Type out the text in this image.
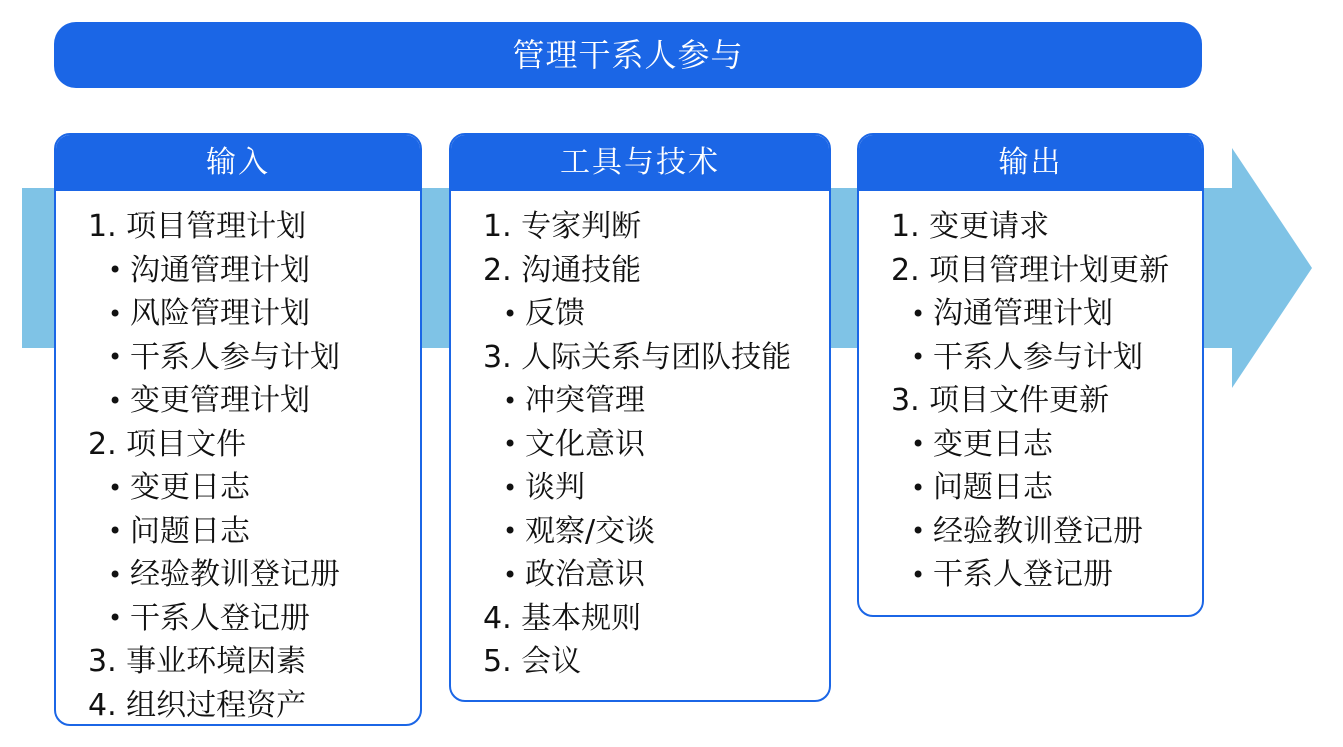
管理干系人参与
输入
1. 项目管理计划
• 沟通管理计划
• 风险管理计划
• 干系人参与计划
• 变更管理计划
2. 项目文件
• 变更日志
• 问题日志
• 经验教训登记册
• 干系人登记册
3. 事业环境因素
4. 组织过程资产
工具与技术
1. 专家判断
2. 沟通技能
• 反馈
3. 人际关系与团队技能
• 冲突管理
• 文化意识
• 谈判
• 观察/交谈
• 政治意识
4. 基本规则
5. 会议
输出
1. 变更请求
2. 项目管理计划更新
• 沟通管理计划
• 干系人参与计划
3. 项目文件更新
• 变更日志
• 问题日志
• 经验教训登记册
• 干系人登记册
